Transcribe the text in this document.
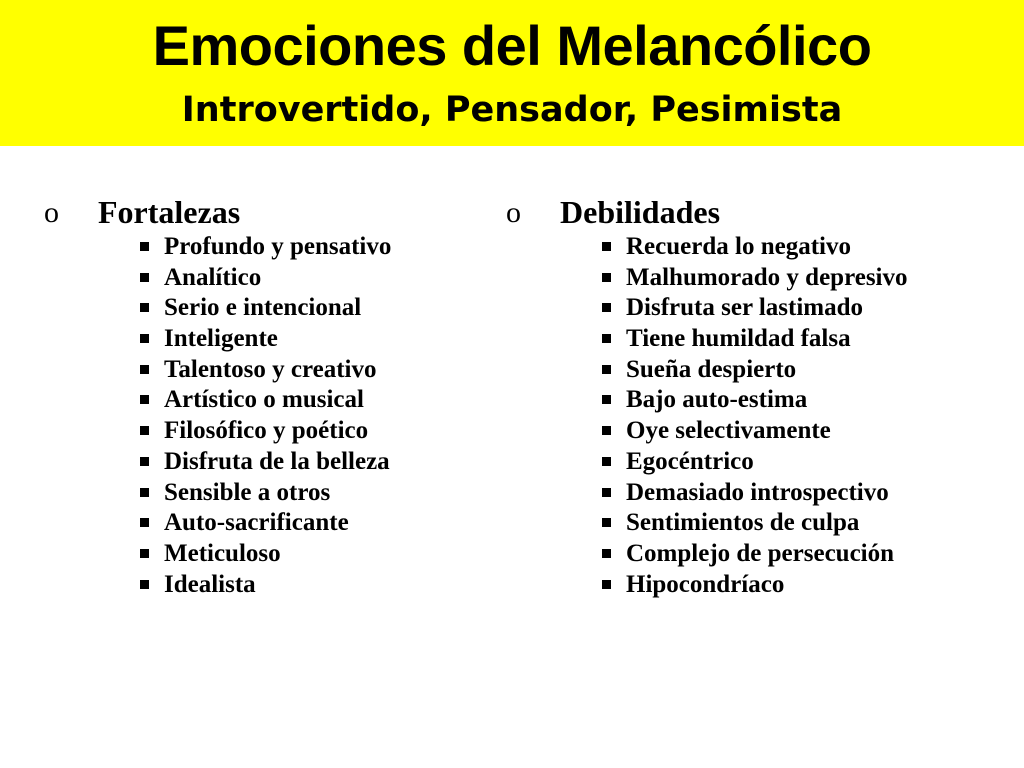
Emociones del Melancólico
Introvertido, Pensador, Pesimista
o Fortalezas
Profundo y pensativo
Analítico
Serio e intencional
Inteligente
Talentoso y creativo
Artístico o musical
Filosófico y poético
Disfruta de la belleza
Sensible a otros
Auto-sacrificante
Meticuloso
Idealista
o Debilidades
Recuerda lo negativo
Malhumorado y depresivo
Disfruta ser lastimado
Tiene humildad falsa
Sueña despierto
Bajo auto-estima
Oye selectivamente
Egocéntrico
Demasiado introspectivo
Sentimientos de culpa
Complejo de persecución
Hipocondríaco
